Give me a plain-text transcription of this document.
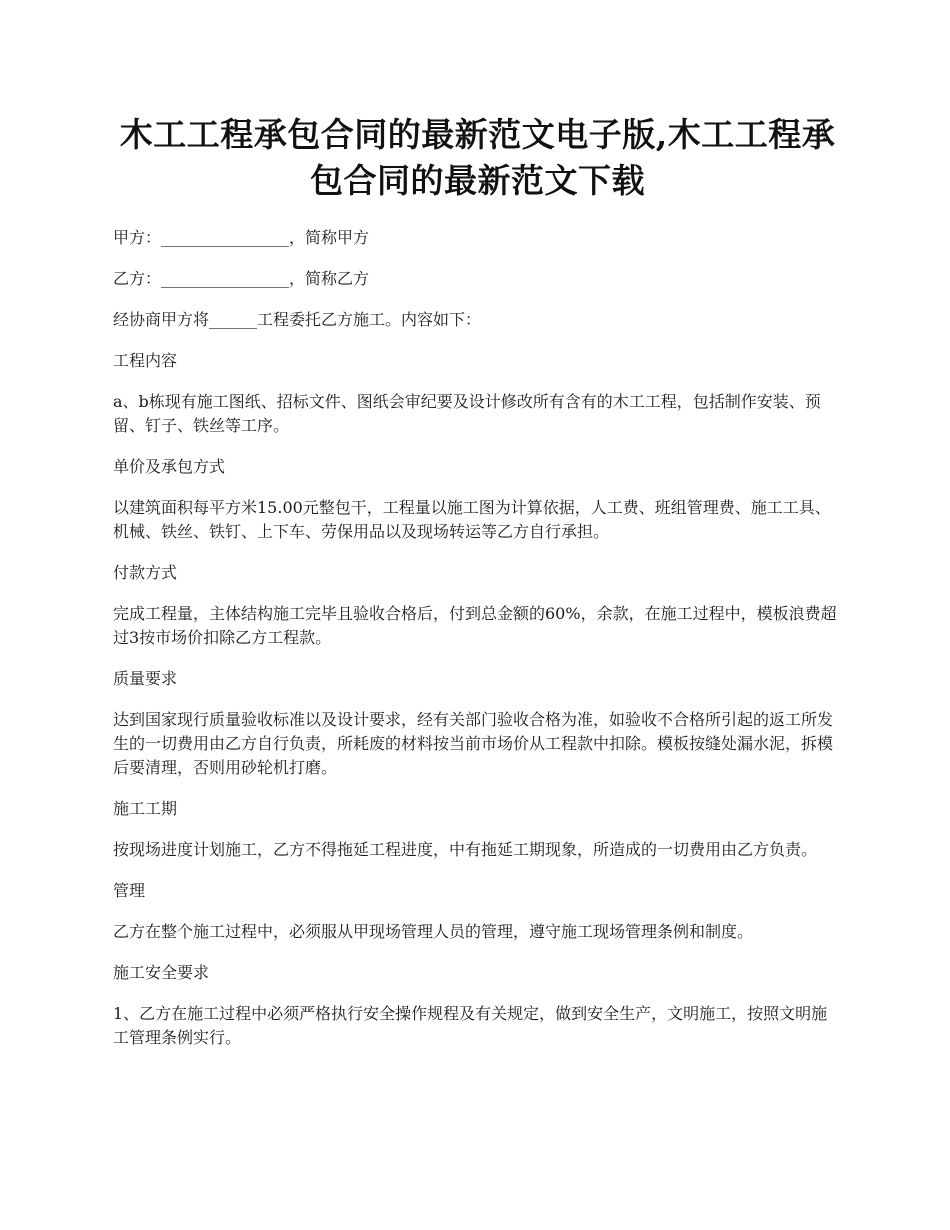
木工工程承包合同的最新范文电子版,木工工程承包合同的最新范文下载

甲方：________________，简称甲方

乙方：________________，简称乙方

经协商甲方将______工程委托乙方施工。内容如下：

工程内容

a、b栋现有施工图纸、招标文件、图纸会审纪要及设计修改所有含有的木工工程，包括制作安装、预留、钉子、铁丝等工序。

单价及承包方式

以建筑面积每平方米15.00元整包干，工程量以施工图为计算依据，人工费、班组管理费、施工工具、机械、铁丝、铁钉、上下车、劳保用品以及现场转运等乙方自行承担。

付款方式

完成工程量，主体结构施工完毕且验收合格后，付到总金额的60%，余款，在施工过程中，模板浪费超过3按市场价扣除乙方工程款。

质量要求

达到国家现行质量验收标准以及设计要求，经有关部门验收合格为准，如验收不合格所引起的返工所发生的一切费用由乙方自行负责，所耗废的材料按当前市场价从工程款中扣除。模板按缝处漏水泥，拆模后要清理，否则用砂轮机打磨。

施工工期

按现场进度计划施工，乙方不得拖延工程进度，中有拖延工期现象，所造成的一切费用由乙方负责。

管理

乙方在整个施工过程中，必须服从甲现场管理人员的管理，遵守施工现场管理条例和制度。

施工安全要求

1、乙方在施工过程中必须严格执行安全操作规程及有关规定，做到安全生产，文明施工，按照文明施工管理条例实行。
